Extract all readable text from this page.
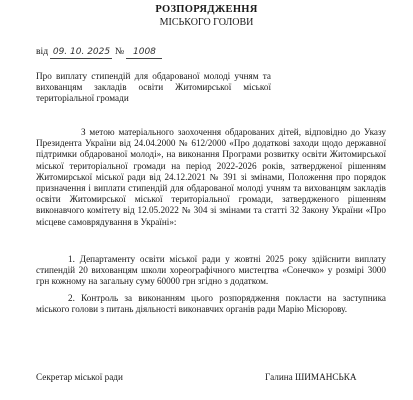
РОЗПОРЯДЖЕННЯ
МІСЬКОГО ГОЛОВИ
від 09. 10. 2025 № 1008
Про виплату стипендій для обдарованої молоді учням та вихованцям закладів освіти Житомирської міської територіальної громади
З метою матеріального заохочення обдарованих дітей, відповідно до Указу Президента України від 24.04.2000 № 612/2000 «Про додаткові заходи щодо державної підтримки обдарованої молоді», на виконання Програми розвитку освіти Житомирської міської територіальної громади на період 2022-2026 років, затвердженої рішенням Житомирської міської ради від 24.12.2021 № 391 зі змінами, Положення про порядок призначення і виплати стипендій для обдарованої молоді учням та вихованцям закладів освіти Житомирської міської територіальної громади, затвердженого рішенням виконавчого комітету від 12.05.2022 № 304 зі змінами та статті 32 Закону України «Про місцеве самоврядування в Україні»:
1. Департаменту освіти міської ради у жовтні 2025 року здійснити виплату стипендій 20 вихованцям школи хореографічного мистецтва «Сонечко» у розмірі 3000 грн кожному на загальну суму 60000 грн згідно з додатком.
2. Контроль за виконанням цього розпорядження покласти на заступника міського голови з питань діяльності виконавчих органів ради Марію Місюрову.
Секретар міської ради	Галина ШИМАНСЬКА
